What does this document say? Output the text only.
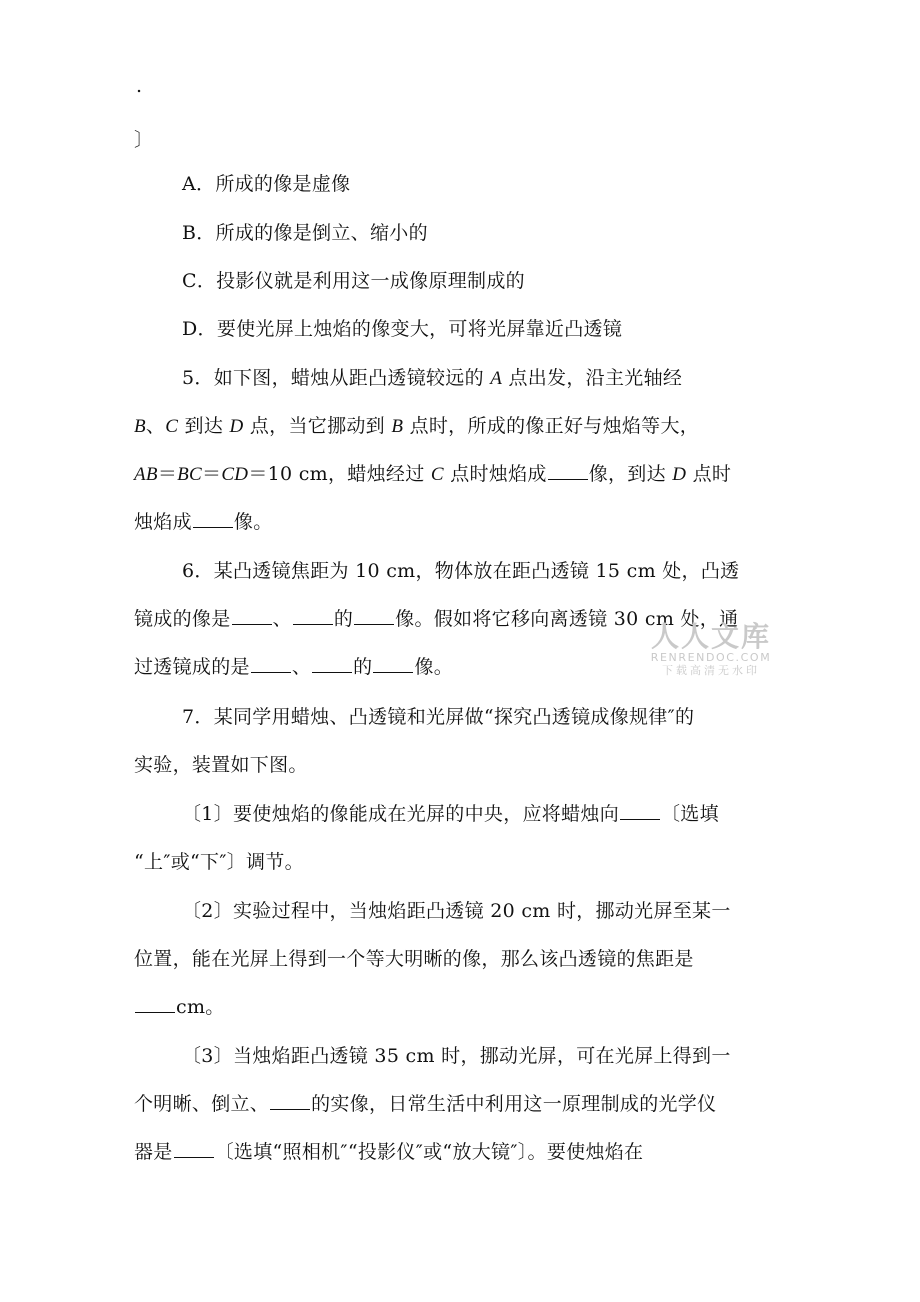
.
〕
A．所成的像是虚像
B．所成的像是倒立、缩小的
C．投影仪就是利用这一成像原理制成的
D．要使光屏上烛焰的像变大，可将光屏靠近凸透镜
5．如下图，蜡烛从距凸透镜较远的 A 点出发，沿主光轴经
B、C 到达 D 点，当它挪动到 B 点时，所成的像正好与烛焰等大，
AB＝BC＝CD＝10 cm，蜡烛经过 C 点时烛焰成 像，到达 D 点时
烛焰成 像。
6．某凸透镜焦距为 10 cm，物体放在距凸透镜 15 cm 处，凸透
镜成的像是 、 的 像。假如将它移向离透镜 30 cm 处，通
过透镜成的是 、 的 像。
7．某同学用蜡烛、凸透镜和光屏做“探究凸透镜成像规律″的
实验，装置如下图。
〔1〕要使烛焰的像能成在光屏的中央，应将蜡烛向 〔选填
“上″或“下″〕调节。
〔2〕实验过程中，当烛焰距凸透镜 20 cm 时，挪动光屏至某一
位置，能在光屏上得到一个等大明晰的像，那么该凸透镜的焦距是
cm。
〔3〕当烛焰距凸透镜 35 cm 时，挪动光屏，可在光屏上得到一
个明晰、倒立、 的实像，日常生活中利用这一原理制成的光学仪
器是 〔选填“照相机″“投影仪″或“放大镜″〕。要使烛焰在
人人文库
RENRENDOC.COM
下载高清无水印
